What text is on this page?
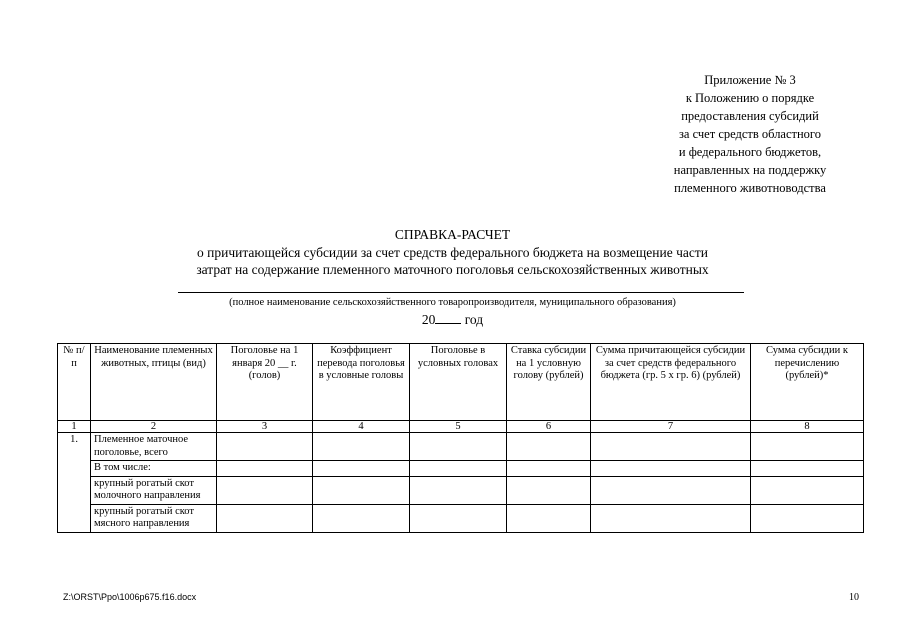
Приложение № 3
к Положению о порядке
предоставления субсидий
за счет средств областного
и федерального бюджетов,
направленных на поддержку
племенного животноводства
СПРАВКА-РАСЧЕТ
о причитающейся субсидии за счет средств федерального бюджета на возмещение части
затрат на содержание племенного маточного поголовья сельскохозяйственных животных
(полное наименование сельскохозяйственного товаропроизводителя, муниципального образования)
20 год
№ п/п	Наименование племенных животных, птицы (вид)	Поголовье на 1 января 20 __ г. (голов)	Коэффициент перевода поголовья в условные головы	Поголовье в условных головах	Ставка субсидии на 1 условную голову (рублей)	Сумма причитающейся субсидии за счет средств федерального бюджета (гр. 5 x гр. 6) (рублей)	Сумма субсидии к перечислению (рублей)*
1	2	3	4	5	6	7	8
1.	Племенное маточное поголовье, всего						
	В том числе:						
	крупный рогатый скот молочного направления						
	крупный рогатый скот мясного направления						
Z:\ORST\Ppo\1006p675.f16.docx	10
